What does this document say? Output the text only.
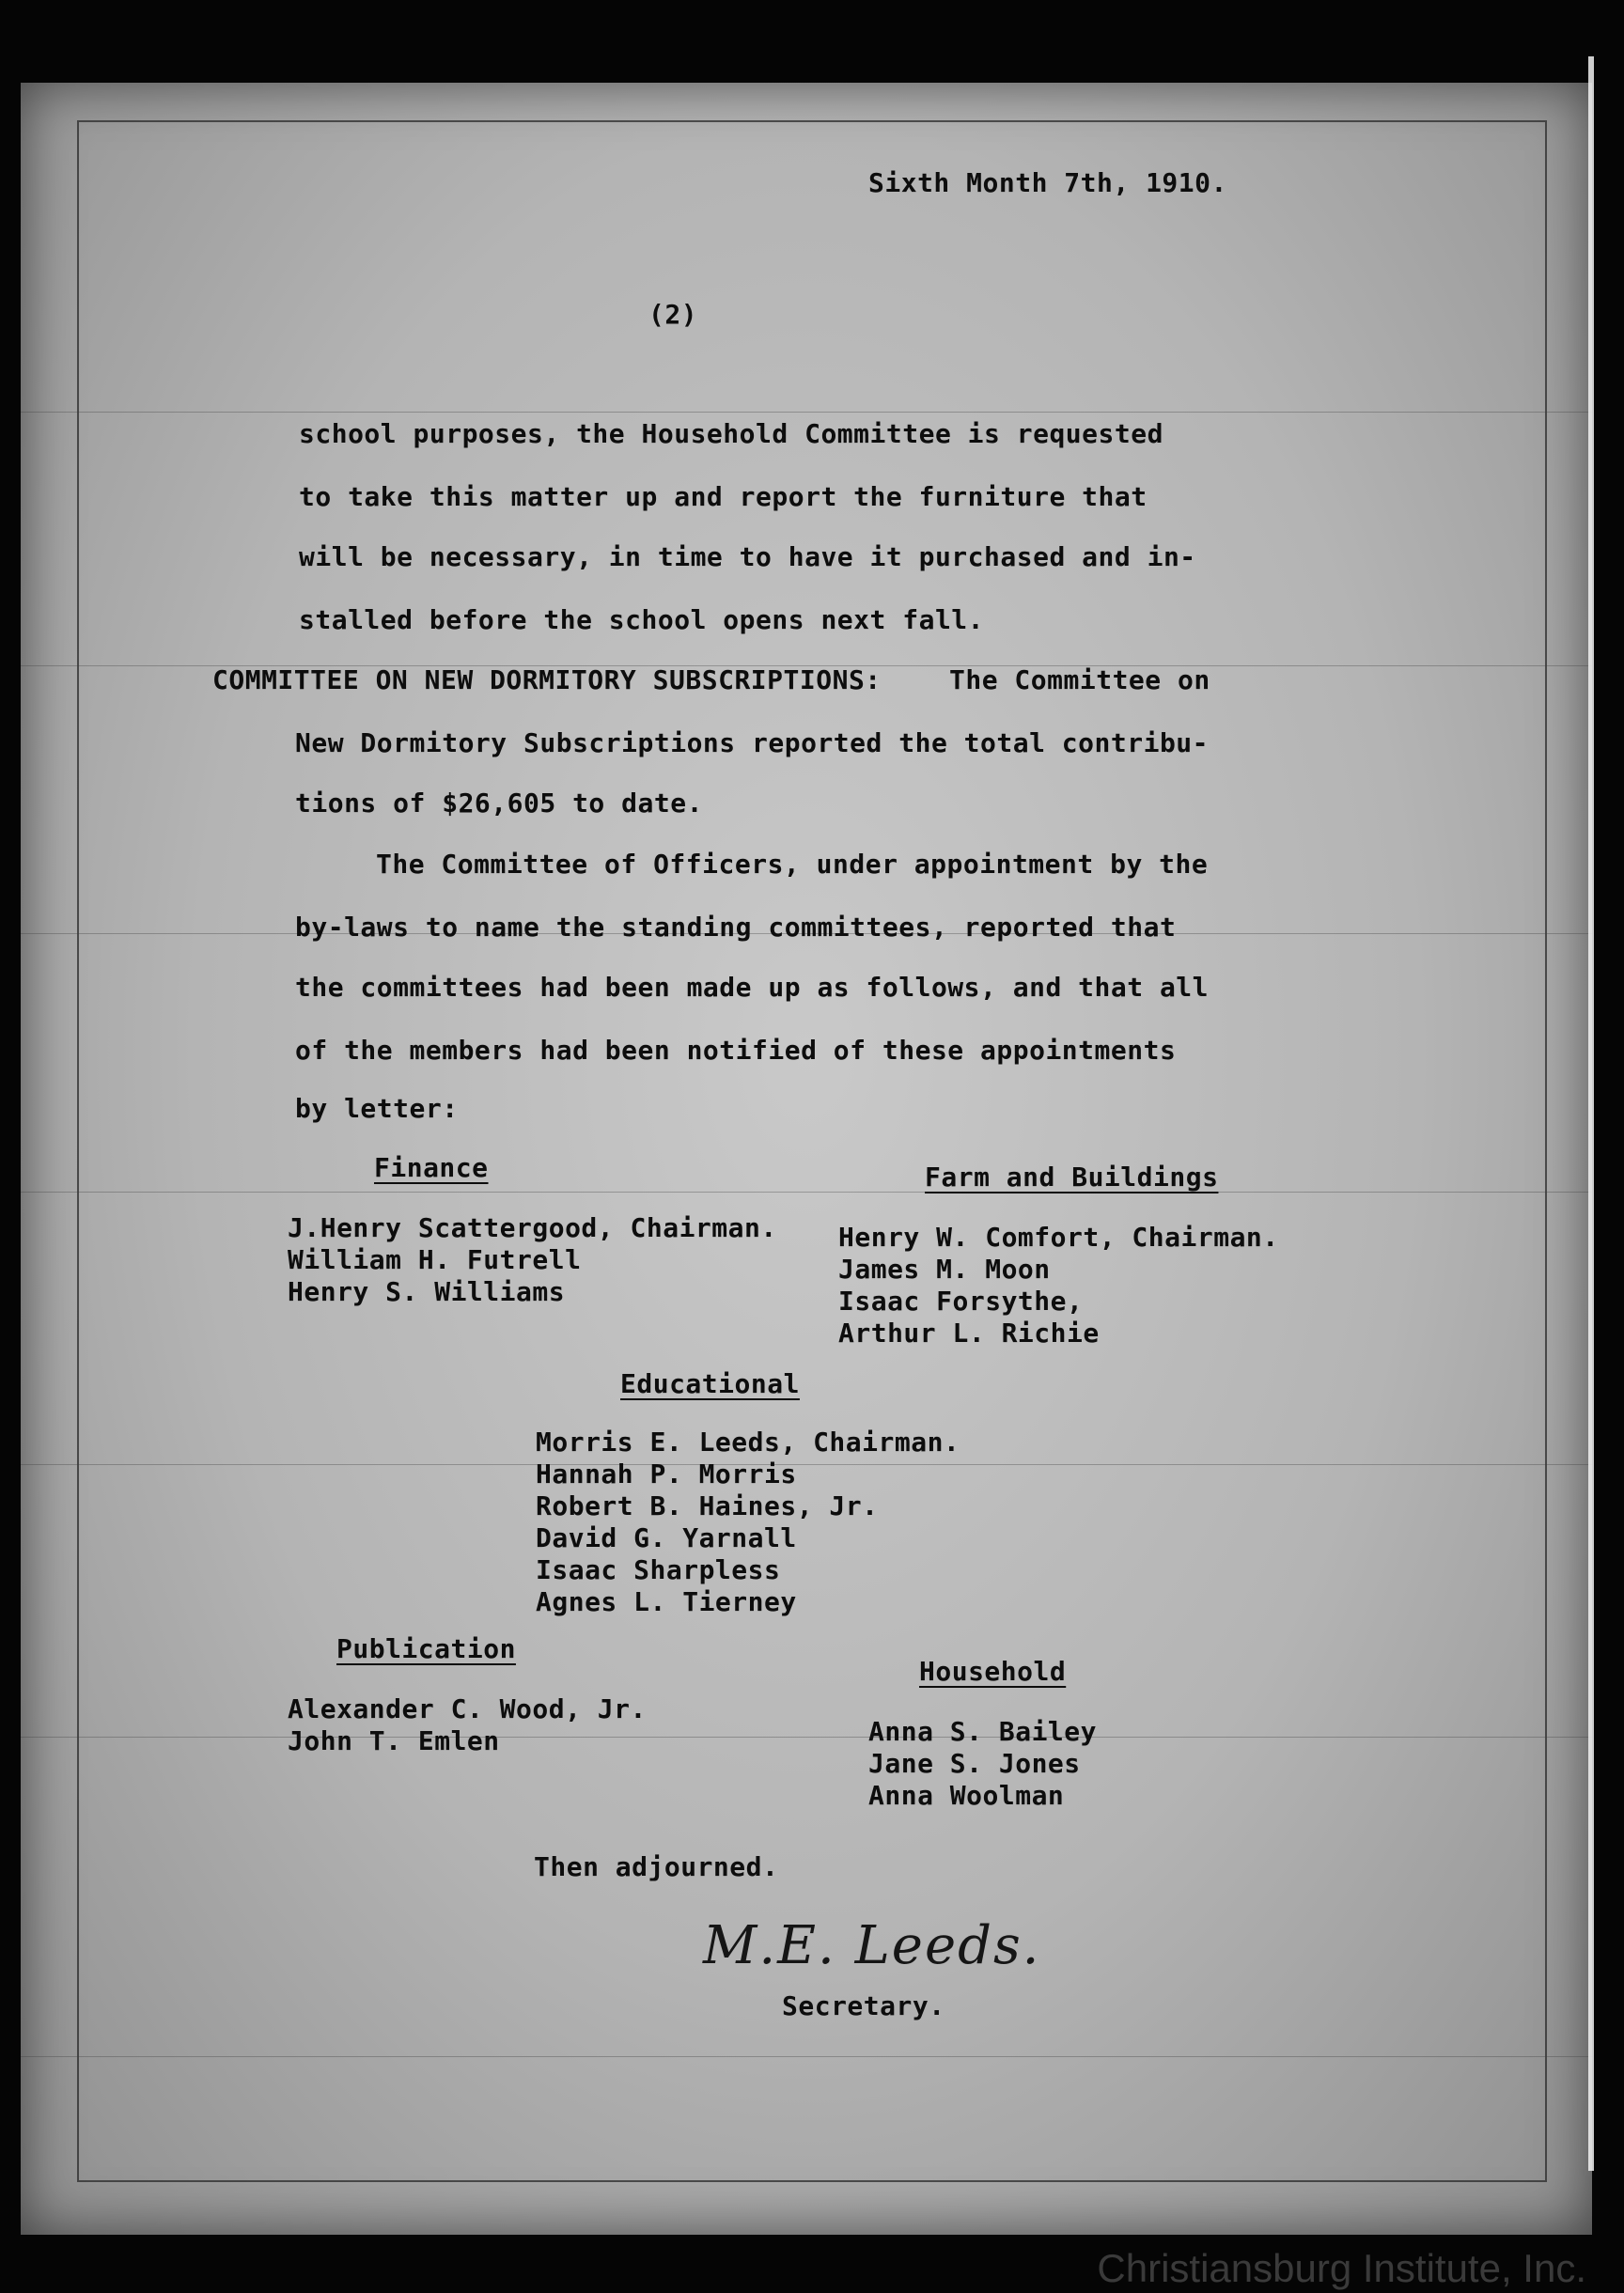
Sixth Month 7th, 1910.
(2)
school purposes, the Household Committee is requested
to take this matter up and report the furniture that
will be necessary, in time to have it purchased and in-
stalled before the school opens next fall.
COMMITTEE ON NEW DORMITORY SUBSCRIPTIONS:	The Committee on
New Dormitory Subscriptions reported the total contribu-
tions of $26,605 to date.
The Committee of Officers, under appointment by the
by-laws to name the standing committees, reported that
the committees had been made up as follows, and that all
of the members had been notified of these appointments
by letter:
Finance
J.Henry Scattergood, Chairman.
William H. Futrell
Henry S. Williams
Farm and Buildings
Henry W. Comfort, Chairman.
James M. Moon
Isaac Forsythe,
Arthur L. Richie
Educational
Morris E. Leeds, Chairman.
Hannah P. Morris
Robert B. Haines, Jr.
David G. Yarnall
Isaac Sharpless
Agnes L. Tierney
Publication
Alexander C. Wood, Jr.
John T. Emlen
Household
Anna S. Bailey
Jane S. Jones
Anna Woolman
Then adjourned.
M.E. Leeds.
Secretary.
Christiansburg Institute, Inc.
